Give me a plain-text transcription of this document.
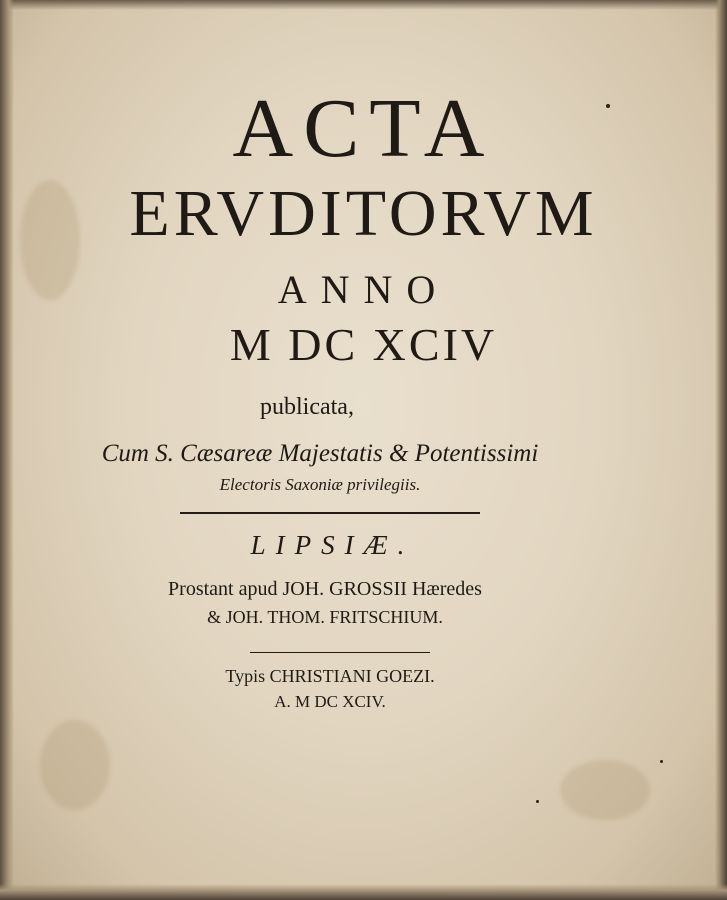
ACTA
ERVDITORVM
ANNO
M DC XCIV
publicata,
Cum S. Cæsareæ Majestatis & Potentissimi
Electoris Saxoniæ privilegiis.
LIPSIÆ.
Prostant apud JOH. GROSSII Hæredes
& JOH. THOM. FRITSCHIUM.
Typis CHRISTIANI GOEZI.
A. M DC XCIV.
